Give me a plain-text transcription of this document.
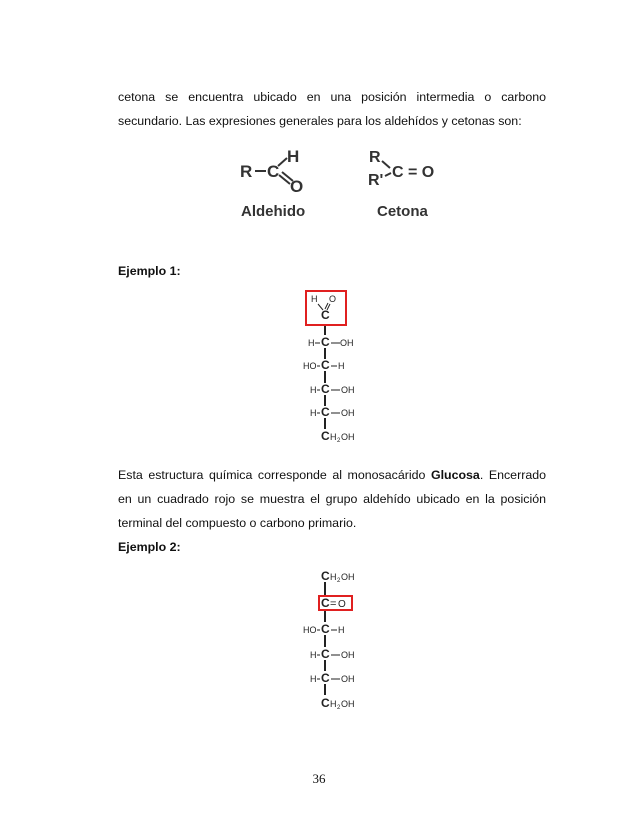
cetona se encuentra ubicado en una posición intermedia o carbono
secundario. Las expresiones generales para los aldehídos y cetonas son:
R C
H
O
Aldehido
R
R' C = O
Cetona
Ejemplo 1:
H O
C
H C OH
HO C H
H C OH
H C OH
C H 2 OH
Esta estructura química corresponde al monosacárido Glucosa. Encerrado
en un cuadrado rojo se muestra el grupo aldehído ubicado en la posición
terminal del compuesto o carbono primario.
Ejemplo 2:
C H 2 OH
C = O
HO C H
H C OH
H C OH
C H 2 OH
36
